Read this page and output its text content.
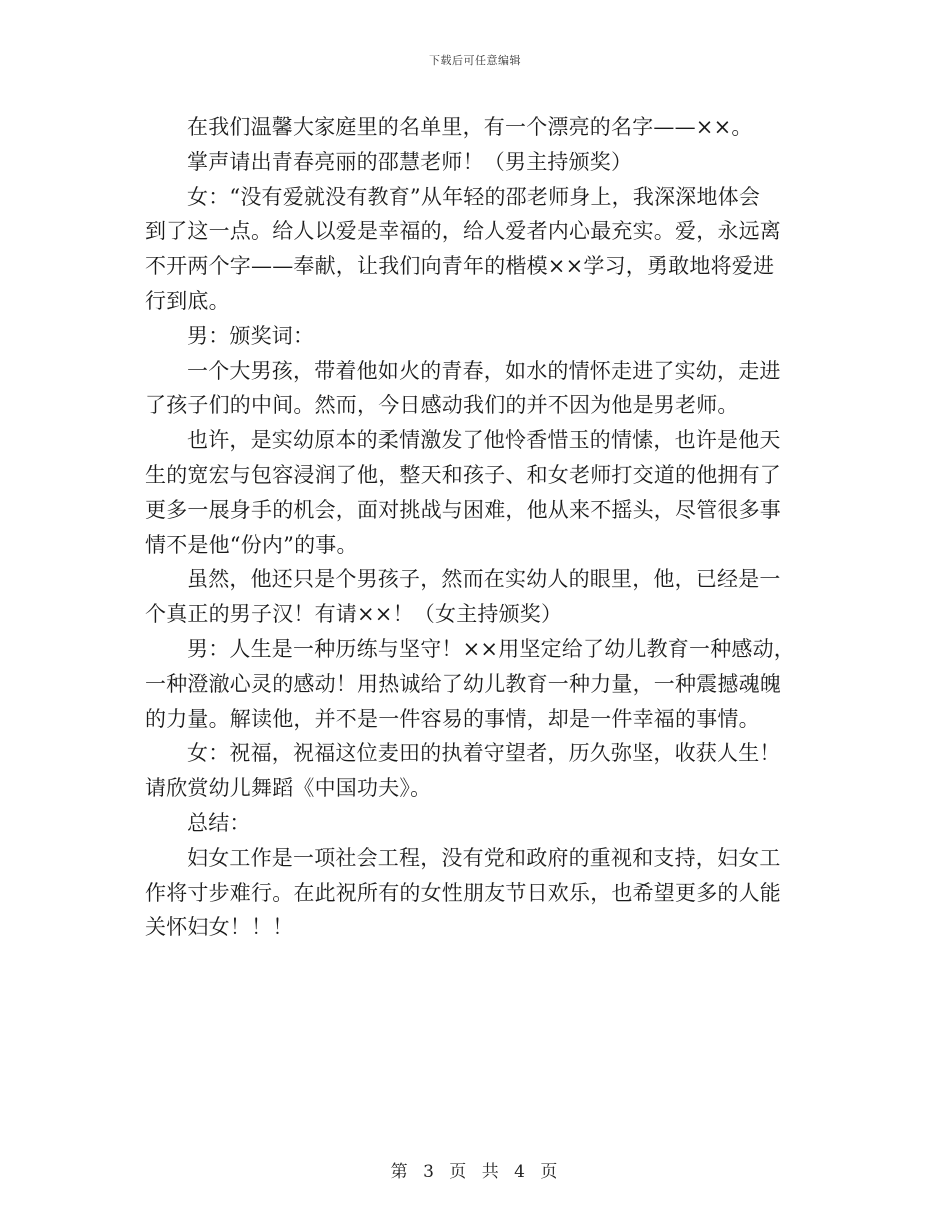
下载后可任意编辑
在我们温馨大家庭里的名单里，有一个漂亮的名字——××。
掌声请出青春亮丽的邵慧老师！（男主持颁奖）
女：“没有爱就没有教育”从年轻的邵老师身上，我深深地体会
到了这一点。给人以爱是幸福的，给人爱者内心最充实。爱，永远离
不开两个字——奉献，让我们向青年的楷模××学习，勇敢地将爱进
行到底。
男：颁奖词：
一个大男孩，带着他如火的青春，如水的情怀走进了实幼，走进
了孩子们的中间。然而，今日感动我们的并不因为他是男老师。
也许，是实幼原本的柔情激发了他怜香惜玉的情愫，也许是他天
生的宽宏与包容浸润了他，整天和孩子、和女老师打交道的他拥有了
更多一展身手的机会，面对挑战与困难，他从来不摇头，尽管很多事
情不是他“份内”的事。
虽然，他还只是个男孩子，然而在实幼人的眼里，他，已经是一
个真正的男子汉！有请××！（女主持颁奖）
男：人生是一种历练与坚守！××用坚定给了幼儿教育一种感动，
一种澄澈心灵的感动！用热诚给了幼儿教育一种力量，一种震撼魂魄
的力量。解读他，并不是一件容易的事情，却是一件幸福的事情。
女：祝福，祝福这位麦田的执着守望者，历久弥坚，收获人生！
请欣赏幼儿舞蹈《中国功夫》。
总结：
妇女工作是一项社会工程，没有党和政府的重视和支持，妇女工
作将寸步难行。在此祝所有的女性朋友节日欢乐，也希望更多的人能
关怀妇女！！！
第 3 页 共 4 页
